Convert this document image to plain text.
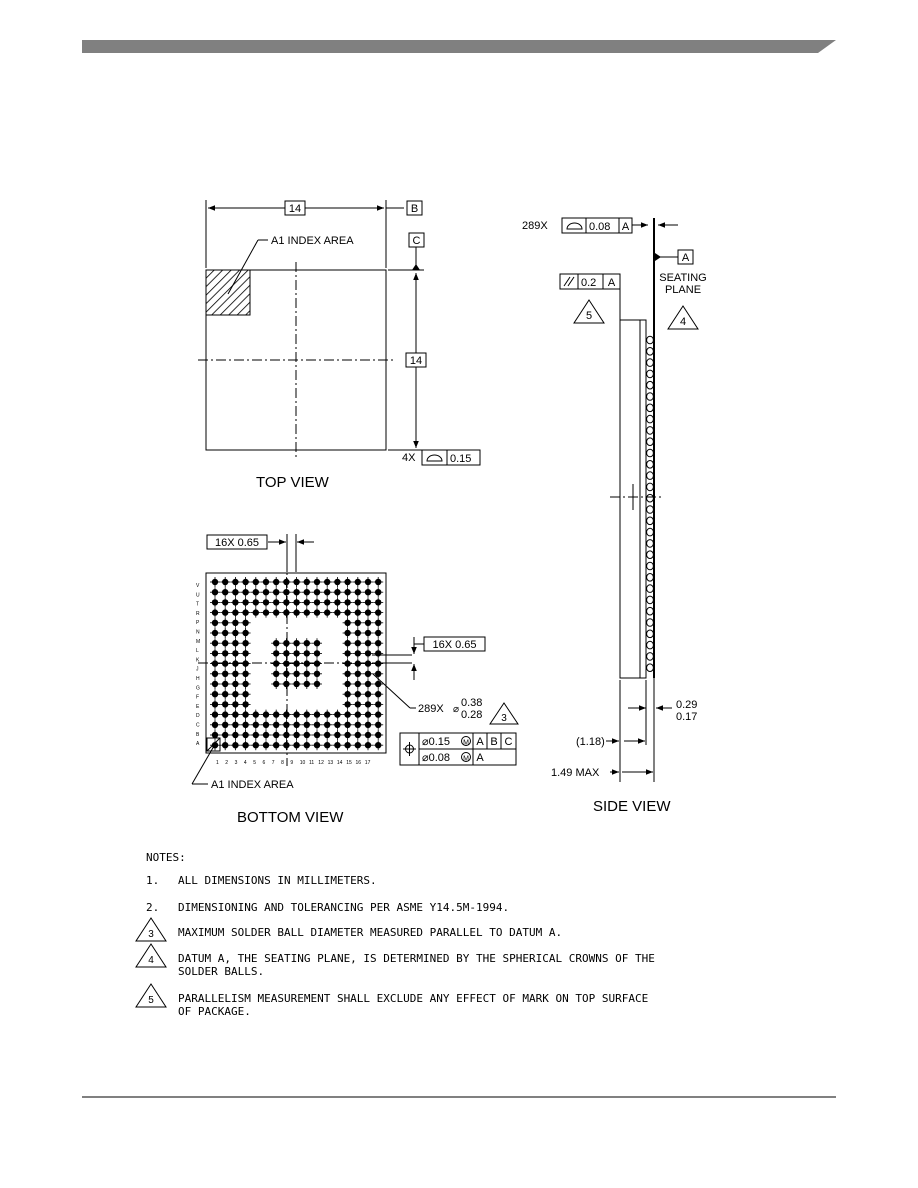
14	B
C
14
A1 INDEX AREA
4X	0.15
TOP VIEW
V
U
T
R
P
N
M
L
K
J
H
G
F
E
D
C
B
A
1 2 3 4 5 6 7 8 9 10 11 12 13 14 15 16 17
A1 INDEX AREA
16X 0.65
16X 0.65
289X ⌀
0.38
0.28 3
⌀0.15 M A B C
⌀0.08 M A
BOTTOM VIEW
289X	0.08 A
A
SEATING
PLANE
4
0.2 A
5
0.29
0.17
(1.18)
1.49 MAX
SIDE VIEW
NOTES:
1. ALL DIMENSIONS IN MILLIMETERS.
2. DIMENSIONING AND TOLERANCING PER ASME Y14.5M-1994.
3 MAXIMUM SOLDER BALL DIAMETER MEASURED PARALLEL TO DATUM A.
4 DATUM A, THE SEATING PLANE, IS DETERMINED BY THE SPHERICAL CROWNS OF THE
SOLDER BALLS.
5 PARALLELISM MEASUREMENT SHALL EXCLUDE ANY EFFECT OF MARK ON TOP SURFACE
OF PACKAGE.
